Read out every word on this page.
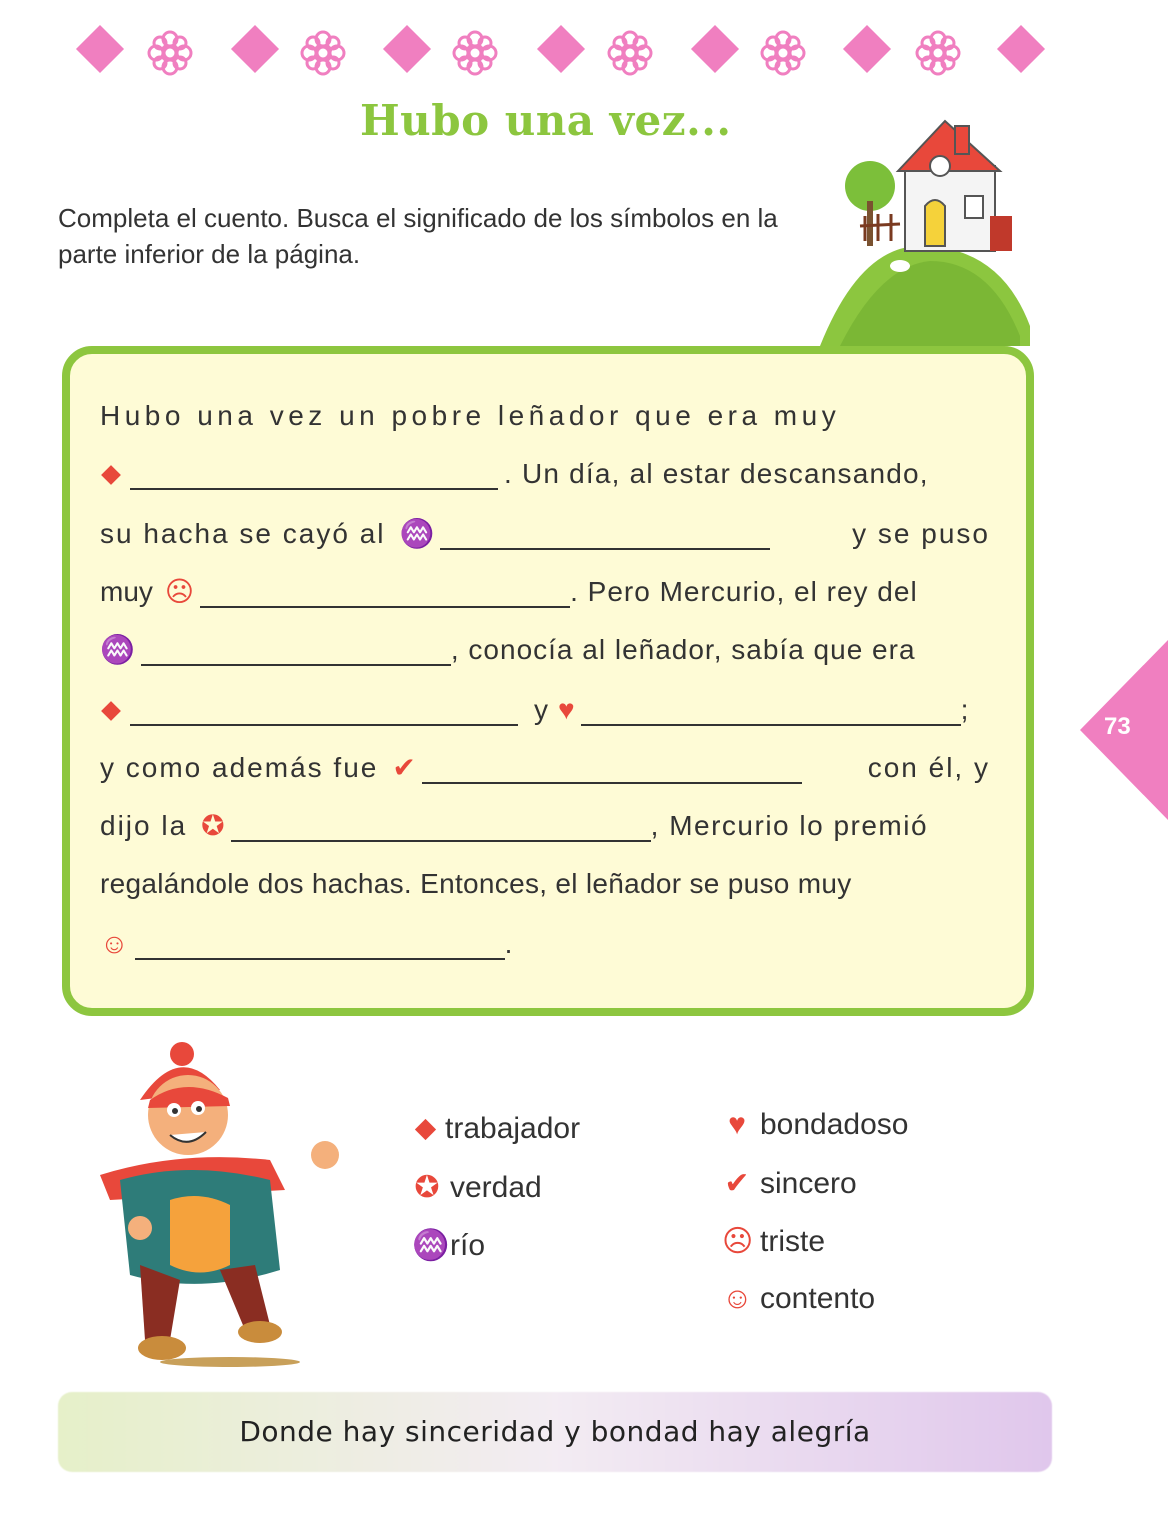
Hubo una vez...
Completa el cuento. Busca el significado de los símbolos en la parte inferior de la página.
Hubo una vez un pobre leñador que era muy
. Un día, al estar descansando,
su hacha se cayó al ♒	y se puso
muy ☹	. Pero Mercurio, el rey del
♒	, conocía al leñador, sabía que era
y ♥	;
y como además fue ✔	con él, y
dijo la ✪	, Mercurio lo premió
regalándole dos hachas. Entonces, el leñador se puso muy
☺	.
73
trabajador
✪ verdad
♒ río
♥ bondadoso
✔ sincero
☹ triste
☺ contento
Donde hay sinceridad y bondad hay alegría
